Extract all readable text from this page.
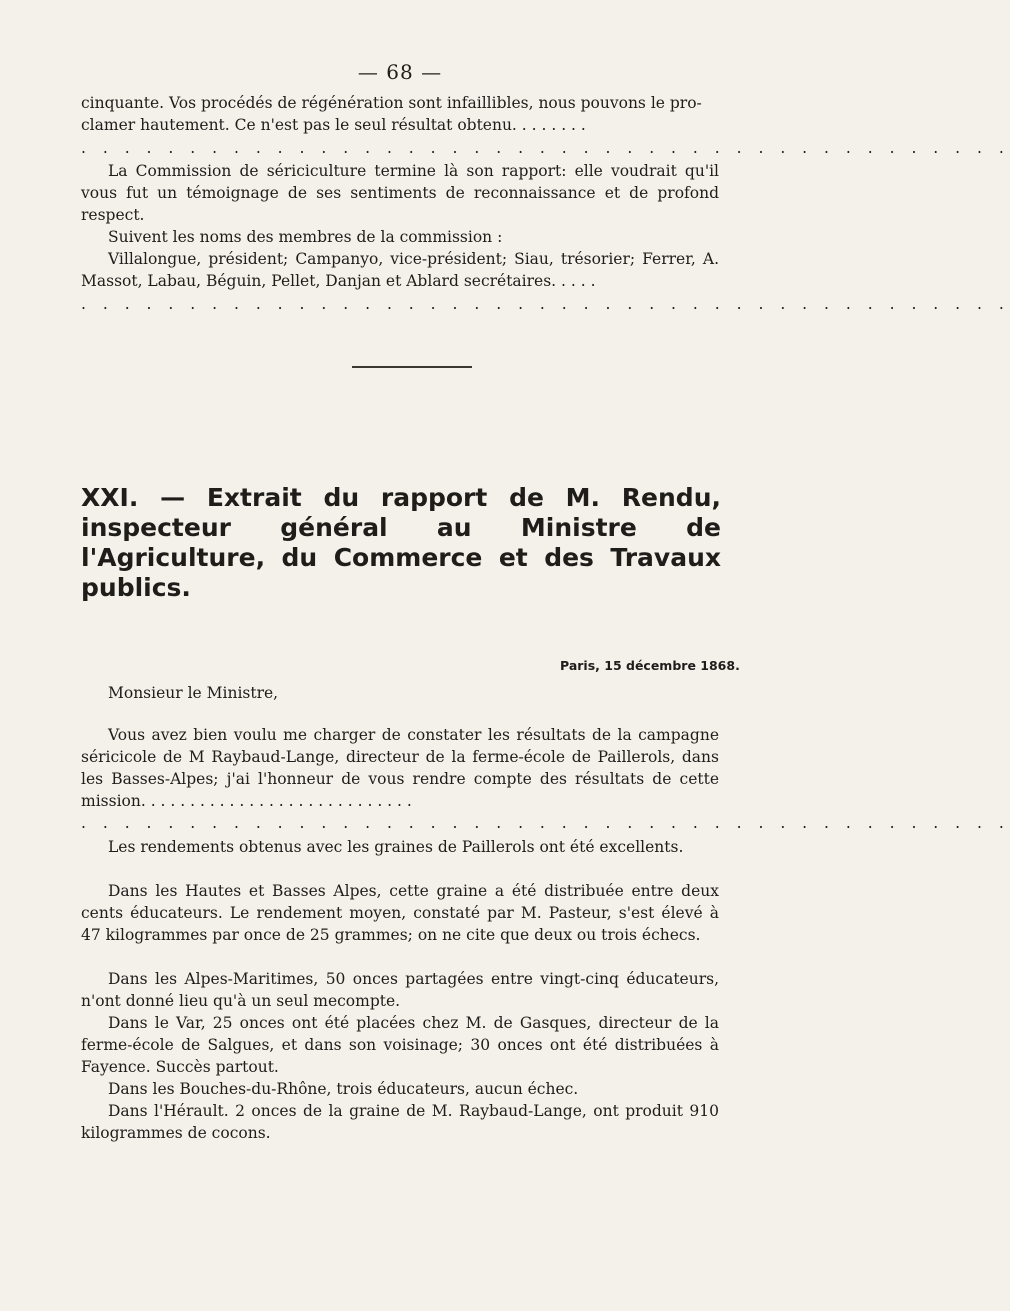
— 68 —
cinquante. Vos procédés de régénération sont infaillibles, nous pouvons le pro-
clamer hautement. Ce n'est pas le seul résultat obtenu. . . . . . . .
. . . . . . . . . . . . . . . . . . . . . . . . . . . . . . . . . . . . . . . . . . .
La Commission de sériciculture termine là son rapport: elle voudrait qu'il vous fut un témoignage de ses sentiments de reconnaissance et de profond respect.
Suivent les noms des membres de la commission :
Villalongue, président; Campanyo, vice-président; Siau, trésorier; Ferrer, A. Massot, Labau, Béguin, Pellet, Danjan et Ablard secrétaires. . . . .
. . . . . . . . . . . . . . . . . . . . . . . . . . . . . . . . . . . . . . . . . . .
XXI. — Extrait du rapport de M. Rendu, inspecteur général au Ministre de l'Agriculture, du Commerce et des Travaux publics.
Paris, 15 décembre 1868.
Monsieur le Ministre,
Vous avez bien voulu me charger de constater les résultats de la campagne séricicole de M Raybaud-Lange, directeur de la ferme-école de Paillerols, dans les Basses-Alpes; j'ai l'honneur de vous rendre compte des résultats de cette mission. . . . . . . . . . . . . . . . . . . . . . . . . . . .
. . . . . . . . . . . . . . . . . . . . . . . . . . . . . . . . . . . . . . . . . . .
Les rendements obtenus avec les graines de Paillerols ont été excellents.
Dans les Hautes et Basses Alpes, cette graine a été distribuée entre deux cents éducateurs. Le rendement moyen, constaté par M. Pasteur, s'est élevé à 47 kilogrammes par once de 25 grammes; on ne cite que deux ou trois échecs.
Dans les Alpes-Maritimes, 50 onces partagées entre vingt-cinq éducateurs, n'ont donné lieu qu'à un seul mecompte.
Dans le Var, 25 onces ont été placées chez M. de Gasques, directeur de la ferme-école de Salgues, et dans son voisinage; 30 onces ont été distribuées à Fayence. Succès partout.
Dans les Bouches-du-Rhône, trois éducateurs, aucun échec.
Dans l'Hérault. 2 onces de la graine de M. Raybaud-Lange, ont produit 910 kilogrammes de cocons.
